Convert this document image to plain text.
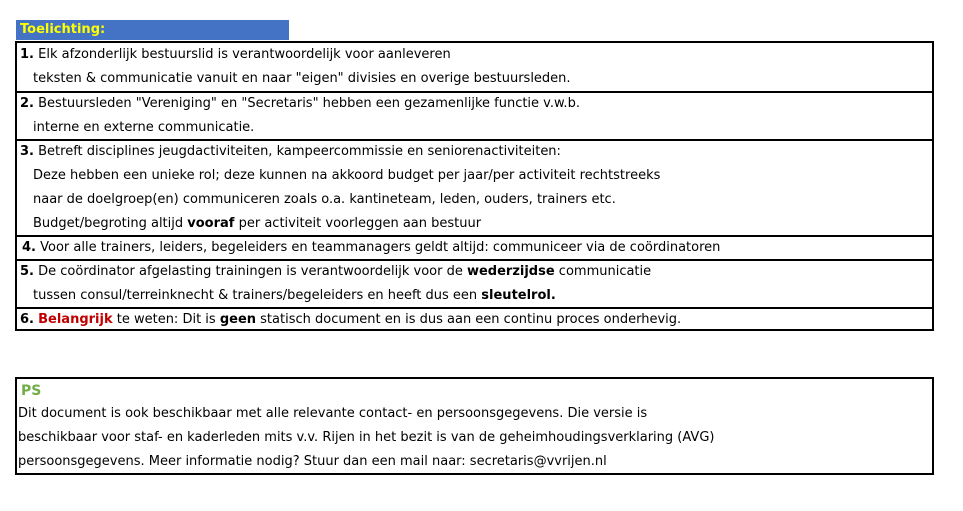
Toelichting:
1. Elk afzonderlijk bestuurslid is verantwoordelijk voor aanleveren
teksten & communicatie vanuit en naar "eigen" divisies en overige bestuursleden.
2. Bestuursleden "Vereniging" en "Secretaris" hebben een gezamenlijke functie v.w.b.
interne en externe communicatie.
3. Betreft disciplines jeugdactiviteiten, kampeercommissie en seniorenactiviteiten:
Deze hebben een unieke rol; deze kunnen na akkoord budget per jaar/per activiteit rechtstreeks
naar de doelgroep(en) communiceren zoals o.a. kantineteam, leden, ouders, trainers etc.
Budget/begroting altijd vooraf per activiteit voorleggen aan bestuur
4. Voor alle trainers, leiders, begeleiders en teammanagers geldt altijd: communiceer via de coördinatoren
5. De coördinator afgelasting trainingen is verantwoordelijk voor de wederzijdse communicatie
tussen consul/terreinknecht & trainers/begeleiders en heeft dus een sleutelrol.
6. Belangrijk te weten: Dit is geen statisch document en is dus aan een continu proces onderhevig.
PS
Dit document is ook beschikbaar met alle relevante contact- en persoonsgegevens. Die versie is
beschikbaar voor staf- en kaderleden mits v.v. Rijen in het bezit is van de geheimhoudingsverklaring (AVG)
persoonsgegevens. Meer informatie nodig? Stuur dan een mail naar: secretaris@vvrijen.nl
